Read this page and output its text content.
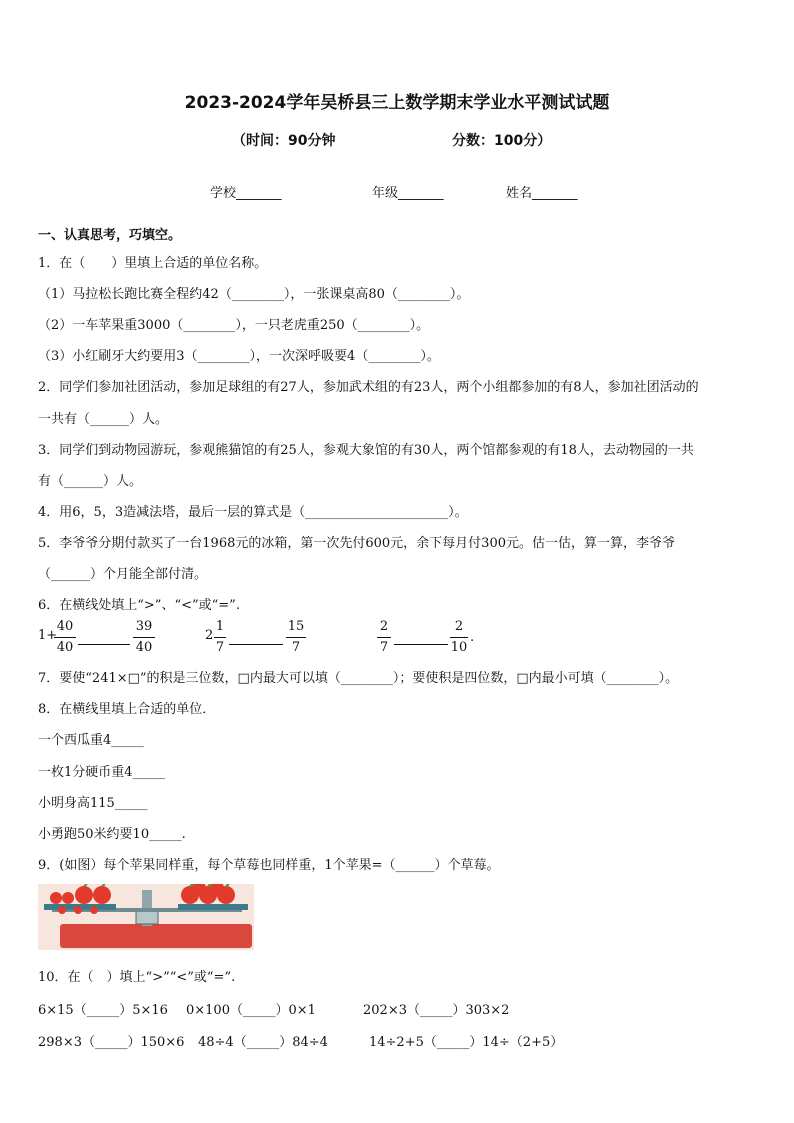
2023-2024学年吴桥县三上数学期末学业水平测试试题
（时间：90分钟	分数：100分）
学校_______	年级_______	姓名_______
一、认真思考，巧填空。
1．在（　　）里填上合适的单位名称。
（1）马拉松长跑比赛全程约42（________），一张课桌高80（________）。
（2）一车苹果重3000（________），一只老虎重250（________）。
（3）小红刷牙大约要用3（________），一次深呼吸要4（________）。
2．同学们参加社团活动，参加足球组的有27人，参加武术组的有23人，两个小组都参加的有8人，参加社团活动的
一共有（______）人。
3．同学们到动物园游玩，参观熊猫馆的有25人，参观大象馆的有30人，两个馆都参观的有18人，去动物园的一共
有（______）人。
4．用6，5，3造减法塔，最后一层的算式是（______________________）。
5．李爷爷分期付款买了一台1968元的冰箱，第一次先付600元，余下每月付300元。估一估，算一算，李爷爷
（______）个月能全部付清。
6．在横线处填上“>”、“<”或“=”.
1+
40
40
39
40
2
1
7
15
7
2
7
2
10
.
7．要使“241×□”的积是三位数，□内最大可以填（________）；要使积是四位数，□内最小可填（________）。
8．在横线里填上合适的单位．
一个西瓜重4_____
一枚1分硬币重4_____
小明身高115_____
小勇跑50米约要10_____.
9．(如图）每个苹果同样重，每个草莓也同样重，1个苹果=（______）个草莓。
10．在（　）填上“>”“<”或“=”.
6×15（_____）5×16 0×100（_____）0×1	202×3（_____）303×2
298×3（_____）150×6 48÷4（_____）84÷4	14÷2+5（_____）14÷（2+5）
